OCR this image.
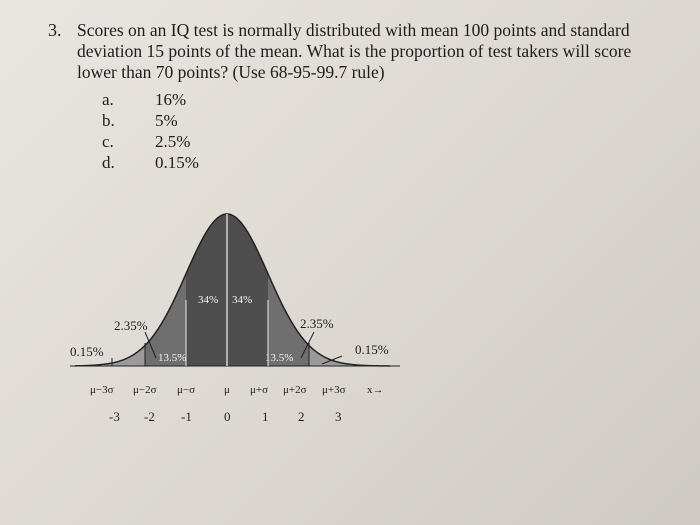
3. Scores on an IQ test is normally distributed with mean 100 points and standard
deviation 15 points of the mean. What is the proportion of test takers will score
lower than 70 points? (Use 68-95-99.7 rule)
a. 16%
b. 5%
c. 2.5%
d. 0.15%
34% 34%
13.5%	13.5%
2.35%	2.35%
0.15%	0.15%
μ−3σ μ−2σ μ−σ	μ μ+σ μ+2σ μ+3σ x→
-3 -2 -1 0 1 2 3
